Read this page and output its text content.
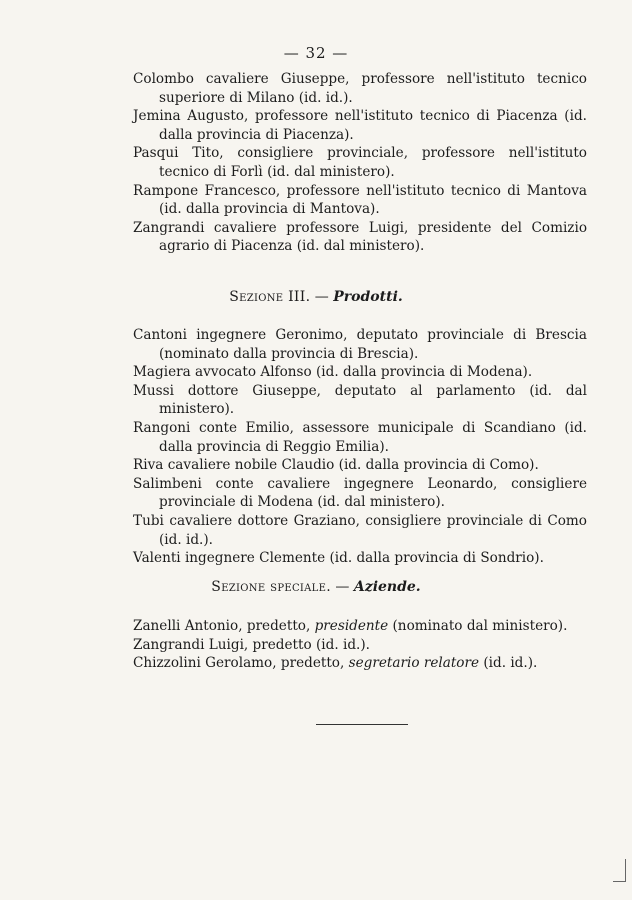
— 32 —

Colombo cavaliere Giuseppe, professore nell'istituto tecnico superiore di Milano (id. id.).

Jemina Augusto, professore nell'istituto tecnico di Piacenza (id. dalla provincia di Piacenza).

Pasqui Tito, consigliere provinciale, professore nell'istituto tecnico di Forlì (id. dal ministero).

Rampone Francesco, professore nell'istituto tecnico di Mantova (id. dalla provincia di Mantova).

Zangrandi cavaliere professore Luigi, presidente del Comizio agrario di Piacenza (id. dal ministero).

Sezione III. — Prodotti.

Cantoni ingegnere Geronimo, deputato provinciale di Brescia (nominato dalla provincia di Brescia).

Magiera avvocato Alfonso (id. dalla provincia di Modena).

Mussi dottore Giuseppe, deputato al parlamento (id. dal ministero).

Rangoni conte Emilio, assessore municipale di Scandiano (id. dalla provincia di Reggio Emilia).

Riva cavaliere nobile Claudio (id. dalla provincia di Como).

Salimbeni conte cavaliere ingegnere Leonardo, consigliere provinciale di Modena (id. dal ministero).

Tubi cavaliere dottore Graziano, consigliere provinciale di Como (id. id.).

Valenti ingegnere Clemente (id. dalla provincia di Sondrio).

Sezione speciale. — Aziende.

Zanelli Antonio, predetto, presidente (nominato dal ministero).

Zangrandi Luigi, predetto (id. id.).

Chizzolini Gerolamo, predetto, segretario relatore (id. id.).
